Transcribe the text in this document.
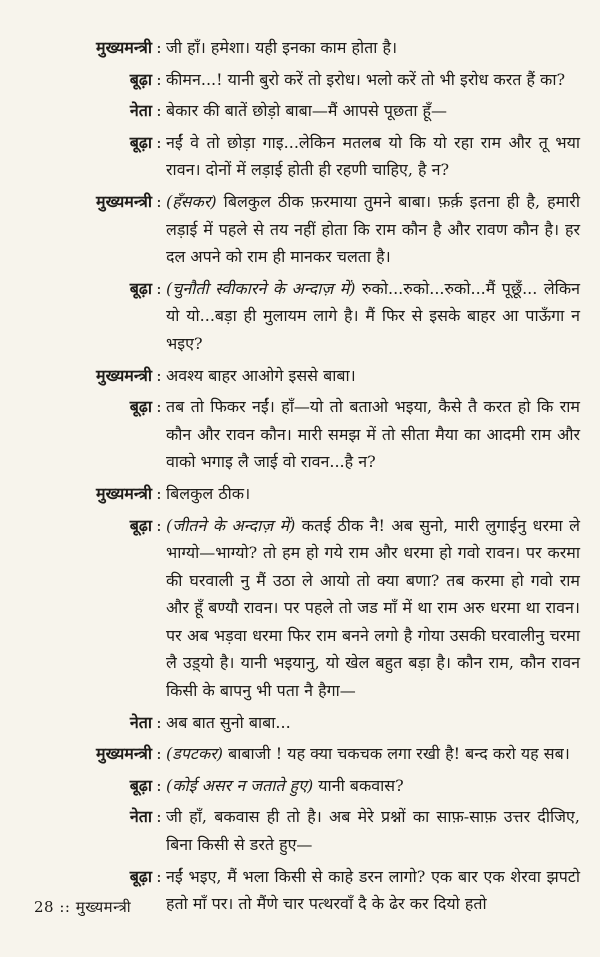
मुख्यमन्त्री : जी हाँ। हमेशा। यही इनका काम होता है।
बूढ़ा : कीमन...! यानी बुरो करें तो इरोध। भलो करें तो भी इरोध करत हैं का?
नेता : बेकार की बातें छोड़ो बाबा—मैं आपसे पूछता हूँ—
बूढ़ा : नईं वे तो छोड़ा गाइ...लेकिन मतलब यो कि यो रहा राम और तू भया रावन। दोनों में लड़ाई होती ही रहणी चाहिए, है न?
मुख्यमन्त्री : (हँसकर) बिलकुल ठीक फ़रमाया तुमने बाबा। फ़र्क़ इतना ही है, हमारी लड़ाई में पहले से तय नहीं होता कि राम कौन है और रावण कौन है। हर दल अपने को राम ही मानकर चलता है।
बूढ़ा : (चुनौती स्वीकारने के अन्दाज़ में) रुको...रुको...रुको...मैं पूछूँ... लेकिन यो यो...बड़ा ही मुलायम लागे है। मैं फिर से इसके बाहर आ पाऊँगा न भइए?
मुख्यमन्त्री : अवश्य बाहर आओगे इससे बाबा।
बूढ़ा : तब तो फिकर नईं। हाँ—यो तो बताओ भइया, कैसे तै करत हो कि राम कौन और रावन कौन। मारी समझ में तो सीता मैया का आदमी राम और वाको भगाइ लै जाई वो रावन...है न?
मुख्यमन्त्री : बिलकुल ठीक।
बूढ़ा : (जीतने के अन्दाज़ में) कतई ठीक नै! अब सुनो, मारी लुगाईनु धरमा ले भाग्यो—भाग्यो? तो हम हो गये राम और धरमा हो गवो रावन। पर करमा की घरवाली नु मैं उठा ले आयो तो क्या बणा? तब करमा हो गवो राम और हूँ बण्यौ रावन। पर पहले तो जड माँ में था राम अरु धरमा था रावन। पर अब भड़वा धरमा फिर राम बनने लगो है गोया उसकी घरवालीनु चरमा लै उड़्यो है। यानी भइयानु, यो खेल बहुत बड़ा है। कौन राम, कौन रावन किसी के बापनु भी पता नै हैगा—
नेता : अब बात सुनो बाबा...
मुख्यमन्त्री : (डपटकर) बाबाजी ! यह क्या चकचक लगा रखी है! बन्द करो यह सब।
बूढ़ा : (कोई असर न जताते हुए) यानी बकवास?
नेता : जी हाँ, बकवास ही तो है। अब मेरे प्रश्नों का साफ़-साफ़ उत्तर दीजिए, बिना किसी से डरते हुए—
बूढ़ा : नईं भइए, मैं भला किसी से काहे डरन लागो? एक बार एक शेरवा झपटो हतो माँ पर। तो मैंणे चार पत्थरवाँ दै के ढेर कर दियो हतो
28 :: मुख्यमन्त्री
